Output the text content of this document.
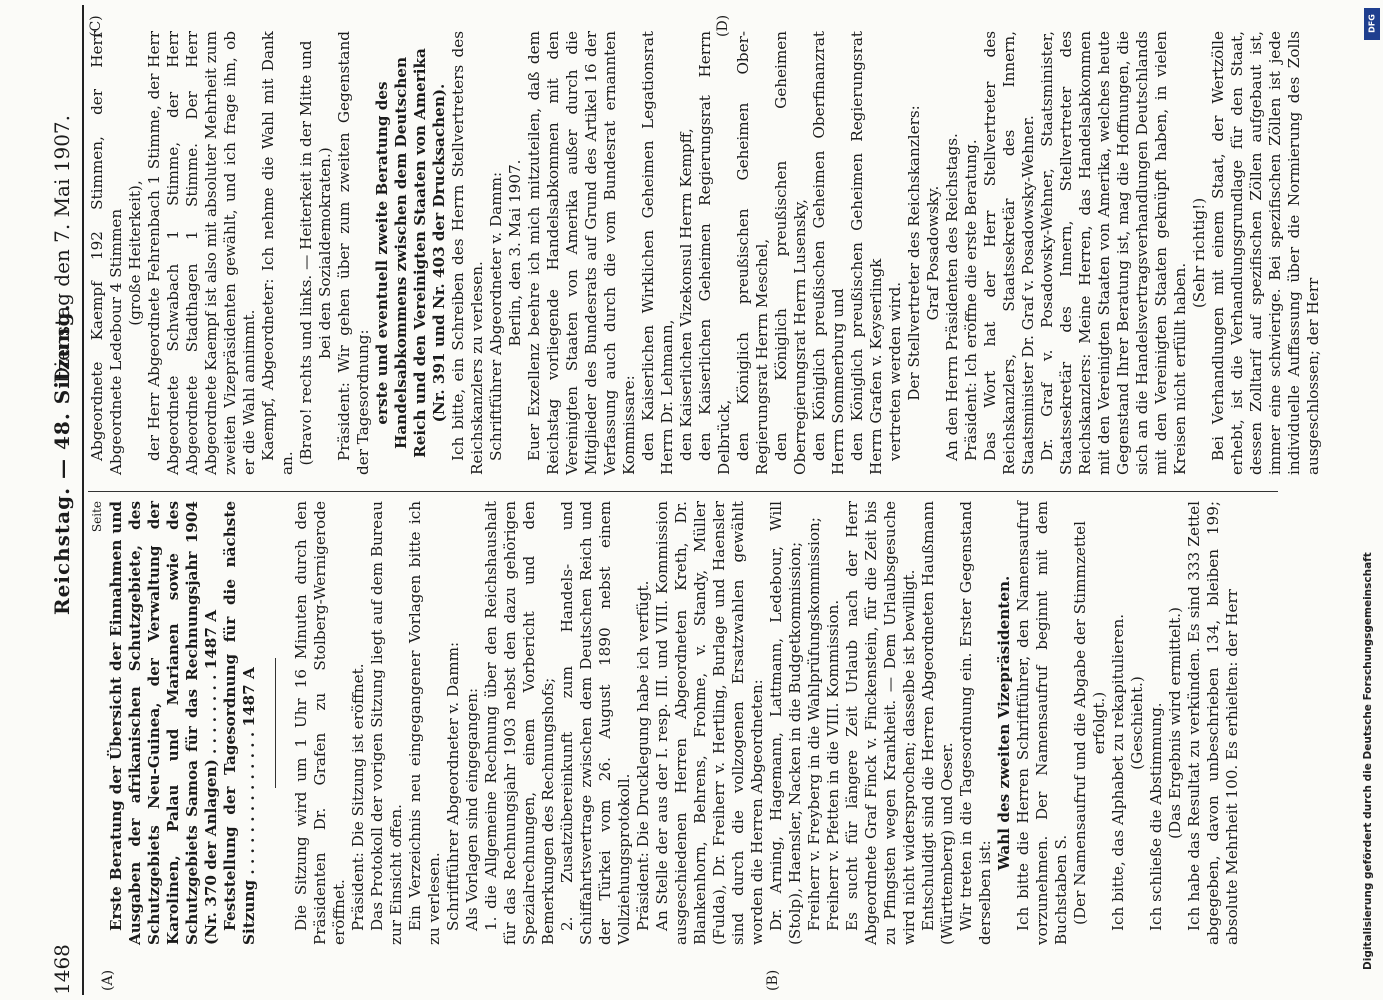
1468
Reichstag. — 48. Sitzung.
Dienstag den 7. Mai 1907.
(A)	(B)
(C)	(D)

Seite Erste Beratung der Übersicht der Einnahmen und Ausgaben der afrikanischen Schutzgebiete, des Schutzgebiets Neu-Guinea, der Verwaltung der Karolinen, Palau und Marianen sowie des Schutzgebiets Samoa für das Rechnungsjahr 1904 (Nr. 370 der Anlagen) . . . . . . . . 1487 A Feststellung der Tagesordnung für die nächste Sitzung . . . . . . . . . . . . . . 1487 A Die Sitzung wird um 1 Uhr 16 Minuten durch den Präsidenten Dr. Grafen zu Stolberg-Wernigerode eröffnet. Präsident: Die Sitzung ist eröffnet. Das Protokoll der vorigen Sitzung liegt auf dem Bureau zur Einsicht offen. Ein Verzeichnis neu eingegangener Vorlagen bitte ich zu verlesen. Schriftführer Abgeordneter v. Damm: Als Vorlagen sind eingegangen: 1. die Allgemeine Rechnung über den Reichshaushalt für das Rechnungsjahr 1903 nebst den dazu gehörigen Spezialrechnungen, einem Vorbericht und den Bemerkungen des Rechnungshofs; 2. Zusatzübereinkunft zum Handels- und Schiffahrtsvertrage zwischen dem Deutschen Reich und der Türkei vom 26. August 1890 nebst einem Vollziehungsprotokoll. Präsident: Die Drucklegung habe ich verfügt. An Stelle der aus der I. resp. III. und VIII. Kommission ausgeschiedenen Herren Abgeordneten Kreth, Dr. Blankenhorn, Behrens, Frohme, v. Standy, Müller (Fulda), Dr. Freiherr v. Hertling, Burlage und Haensler sind durch die vollzogenen Ersatzwahlen gewählt worden die Herren Abgeordneten: Dr. Arning, Hagemann, Lattmann, Ledebour, Will (Stolp), Haensler, Nacken in die Budgetkommission; Freiherr v. Freyberg in die Wahlprüfungskommission; Freiherr v. Pfetten in die VIII. Kommission. Es sucht für längere Zeit Urlaub nach der Herr Abgeordnete Graf Finck v. Finckenstein, für die Zeit bis zu Pfingsten wegen Krankheit. — Dem Urlaubsgesuche wird nicht widersprochen; dasselbe ist bewilligt. Entschuldigt sind die Herren Abgeordneten Haußmann (Württemberg) und Oeser. Wir treten in die Tagesordnung ein. Erster Gegenstand derselben ist:

Wahl des zweiten Vizepräsidenten. Ich bitte die Herren Schriftführer, den Namensaufruf vorzunehmen. Der Namensaufruf beginnt mit dem Buchstaben S. (Der Namensaufruf und die Abgabe der Stimmzettel erfolgt.) Ich bitte, das Alphabet zu rekapitulieren. (Geschieht.) Ich schließe die Abstimmung. (Das Ergebnis wird ermittelt.) Ich habe das Resultat zu verkünden. Es sind 333 Zettel abgegeben, davon unbeschrieben 134, bleiben 199; absolute Mehrheit 100. Es erhielten: der Herr

Abgeordnete Kaempf 192 Stimmen, der Herr Abgeordnete Ledebour 4 Stimmen (große Heiterkeit), der Herr Abgeordnete Fehrenbach 1 Stimme, der Herr Abgeordnete Schwabach 1 Stimme, der Herr Abgeordnete Stadthagen 1 Stimme. Der Herr Abgeordnete Kaempf ist also mit absoluter Mehrheit zum zweiten Vizepräsidenten gewählt, und ich frage ihn, ob er die Wahl annimmt. Kaempf, Abgeordneter: Ich nehme die Wahl mit Dank an. (Bravo! rechts und links. — Heiterkeit in der Mitte und bei den Sozialdemokraten.) Präsident: Wir gehen über zum zweiten Gegenstand der Tagesordnung: erste und eventuell zweite Beratung des Handelsabkommens zwischen dem Deutschen Reich und den Vereinigten Staaten von Amerika (Nr. 391 und Nr. 403 der Drucksachen). Ich bitte, ein Schreiben des Herrn Stellvertreters des Reichskanzlers zu verlesen. Schriftführer Abgeordneter v. Damm: Berlin, den 3. Mai 1907. Euer Exzellenz beehre ich mich mitzuteilen, daß dem Reichstag vorliegende Handelsabkommen mit den Vereinigten Staaten von Amerika außer durch die Mitglieder des Bundesrats auf Grund des Artikel 16 der Verfassung auch durch die vom Bundesrat ernannten Kommissare: den Kaiserlichen Wirklichen Geheimen Legationsrat Herrn Dr. Lehmann, den Kaiserlichen Vizekonsul Herrn Kempff, den Kaiserlichen Geheimen Regierungsrat Herrn Delbrück, den Königlich preußischen Geheimen Ober-Regierungsrat Herrn Meschel, den Königlich preußischen Geheimen Oberregierungsrat Herrn Lusensky, den Königlich preußischen Geheimen Oberfinanzrat Herrn Sommerburg und den Königlich preußischen Geheimen Regierungsrat Herrn Grafen v. Keyserlingk vertreten werden wird. Der Stellvertreter des Reichskanzlers: Graf Posadowsky. An den Herrn Präsidenten des Reichstags. Präsident: Ich eröffne die erste Beratung. Das Wort hat der Herr Stellvertreter des Reichskanzlers, Staatssekretär des Innern, Staatsminister Dr. Graf v. Posadowsky-Wehner. Dr. Graf v. Posadowsky-Wehner, Staatsminister, Staatssekretär des Innern, Stellvertreter des Reichskanzlers: Meine Herren, das Handelsabkommen mit den Vereinigten Staaten von Amerika, welches heute Gegenstand Ihrer Beratung ist, mag die Hoffnungen, die sich an die Handelsvertragsverhandlungen Deutschlands mit den Vereinigten Staaten geknüpft haben, in vielen Kreisen nicht erfüllt haben.

(Sehr richtig!) Bei Verhandlungen mit einem Staat, der Wertzölle erhebt, ist die Verhandlungsgrundlage für den Staat, dessen Zolltarif auf spezifischen Zöllen aufgebaut ist, immer eine schwierige. Bei spezifischen Zöllen ist jede individuelle Auffassung über die Normierung des Zolls ausgeschlossen; der Herr

DFG
Digitalisierung gefördert durch die Deutsche Forschungsgemeinschaft
